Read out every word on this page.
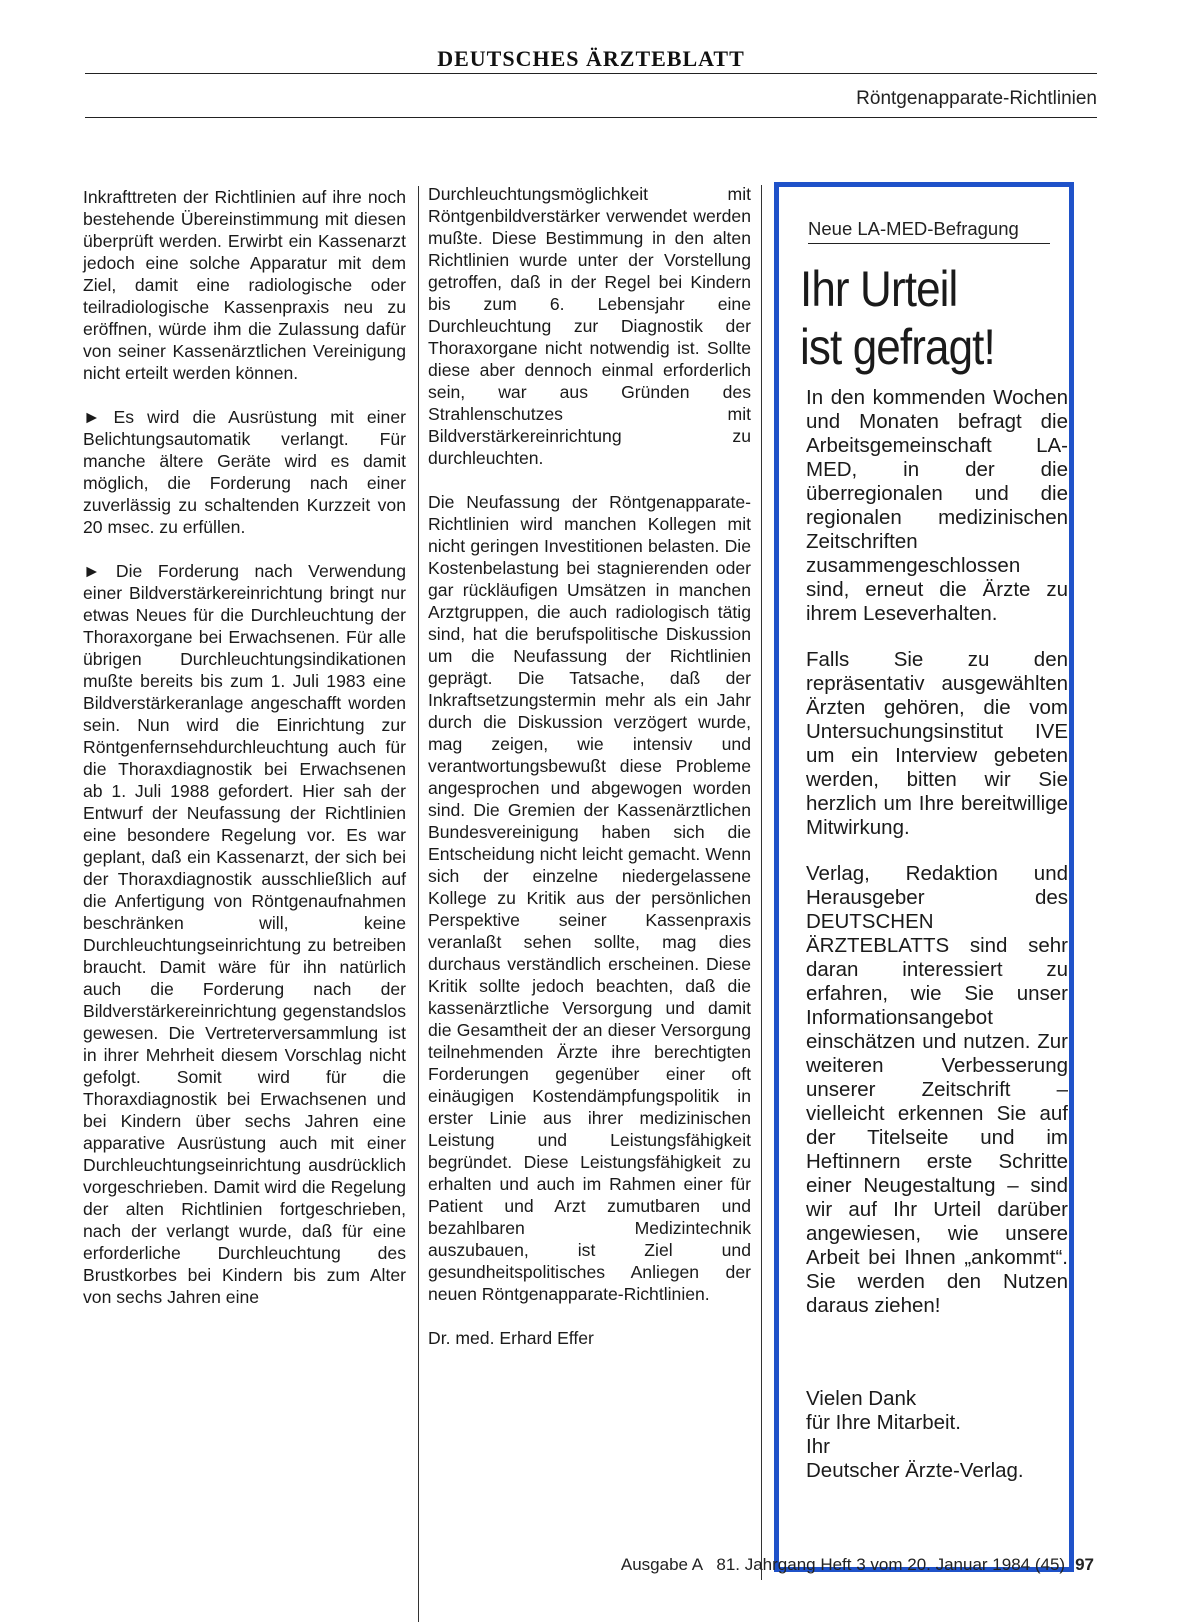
DEUTSCHES ÄRZTEBLATT
Röntgenapparate-Richtlinien

Inkrafttreten der Richtlinien auf ihre noch bestehende Übereinstimmung mit diesen überprüft werden. Erwirbt ein Kassenarzt jedoch eine solche Apparatur mit dem Ziel, damit eine radiologische oder teilradiologische Kassenpraxis neu zu eröffnen, würde ihm die Zulassung dafür von seiner Kassenärztlichen Vereinigung nicht erteilt werden können.

► Es wird die Ausrüstung mit einer Belichtungsautomatik verlangt. Für manche ältere Geräte wird es damit möglich, die Forderung nach einer zuverlässig zu schaltenden Kurzzeit von 20 msec. zu erfüllen.

► Die Forderung nach Verwendung einer Bildverstärkereinrichtung bringt nur etwas Neues für die Durchleuchtung der Thoraxorgane bei Erwachsenen. Für alle übrigen Durchleuchtungsindikationen mußte bereits bis zum 1. Juli 1983 eine Bildverstärkeranlage angeschafft worden sein. Nun wird die Einrichtung zur Röntgenfernsehdurchleuchtung auch für die Thoraxdiagnostik bei Erwachsenen ab 1. Juli 1988 gefordert. Hier sah der Entwurf der Neufassung der Richtlinien eine besondere Regelung vor. Es war geplant, daß ein Kassenarzt, der sich bei der Thoraxdiagnostik ausschließlich auf die Anfertigung von Röntgenaufnahmen beschränken will, keine Durchleuchtungseinrichtung zu betreiben braucht. Damit wäre für ihn natürlich auch die Forderung nach der Bildverstärkereinrichtung gegenstandslos gewesen. Die Vertreterversammlung ist in ihrer Mehrheit diesem Vorschlag nicht gefolgt. Somit wird für die Thoraxdiagnostik bei Erwachsenen und bei Kindern über sechs Jahren eine apparative Ausrüstung auch mit einer Durchleuchtungseinrichtung ausdrücklich vorgeschrieben. Damit wird die Regelung der alten Richtlinien fortgeschrieben, nach der verlangt wurde, daß für eine erforderliche Durchleuchtung des Brustkorbes bei Kindern bis zum Alter von sechs Jahren eine

Durchleuchtungsmöglichkeit mit Röntgenbildverstärker verwendet werden mußte. Diese Bestimmung in den alten Richtlinien wurde unter der Vorstellung getroffen, daß in der Regel bei Kindern bis zum 6. Lebensjahr eine Durchleuchtung zur Diagnostik der Thoraxorgane nicht notwendig ist. Sollte diese aber dennoch einmal erforderlich sein, war aus Gründen des Strahlenschutzes mit Bildverstärkereinrichtung zu durchleuchten.

Die Neufassung der Röntgenapparate-Richtlinien wird manchen Kollegen mit nicht geringen Investitionen belasten. Die Kostenbelastung bei stagnierenden oder gar rückläufigen Umsätzen in manchen Arztgruppen, die auch radiologisch tätig sind, hat die berufspolitische Diskussion um die Neufassung der Richtlinien geprägt. Die Tatsache, daß der Inkraftsetzungstermin mehr als ein Jahr durch die Diskussion verzögert wurde, mag zeigen, wie intensiv und verantwortungsbewußt diese Probleme angesprochen und abgewogen worden sind. Die Gremien der Kassenärztlichen Bundesvereinigung haben sich die Entscheidung nicht leicht gemacht. Wenn sich der einzelne niedergelassene Kollege zu Kritik aus der persönlichen Perspektive seiner Kassenpraxis veranlaßt sehen sollte, mag dies durchaus verständlich erscheinen. Diese Kritik sollte jedoch beachten, daß die kassenärztliche Versorgung und damit die Gesamtheit der an dieser Versorgung teilnehmenden Ärzte ihre berechtigten Forderungen gegenüber einer oft einäugigen Kostendämpfungspolitik in erster Linie aus ihrer medizinischen Leistung und Leistungsfähigkeit begründet. Diese Leistungsfähigkeit zu erhalten und auch im Rahmen einer für Patient und Arzt zumutbaren und bezahlbaren Medizintechnik auszubauen, ist Ziel und gesundheitspolitisches Anliegen der neuen Röntgenapparate-Richtlinien.

Dr. med. Erhard Effer

Neue LA-MED-Befragung
Ihr Urteil
ist gefragt!

In den kommenden Wochen und Monaten befragt die Arbeitsgemeinschaft LA-MED, in der die überregionalen und die regionalen medizinischen Zeitschriften zusammengeschlossen sind, erneut die Ärzte zu ihrem Leseverhalten.

Falls Sie zu den repräsentativ ausgewählten Ärzten gehören, die vom Untersuchungsinstitut IVE um ein Interview gebeten werden, bitten wir Sie herzlich um Ihre bereitwillige Mitwirkung.

Verlag, Redaktion und Herausgeber des DEUTSCHEN ÄRZTEBLATTS sind sehr daran interessiert zu erfahren, wie Sie unser Informationsangebot einschätzen und nutzen. Zur weiteren Verbesserung unserer Zeitschrift – vielleicht erkennen Sie auf der Titelseite und im Heftinnern erste Schritte einer Neugestaltung – sind wir auf Ihr Urteil darüber angewiesen, wie unsere Arbeit bei Ihnen „ankommt“. Sie werden den Nutzen daraus ziehen!

Vielen Dank
für Ihre Mitarbeit.
Ihr
Deutscher Ärzte-Verlag.
Ausgabe A   81. Jahrgang Heft 3 vom 20. Januar 1984 (45) 97
